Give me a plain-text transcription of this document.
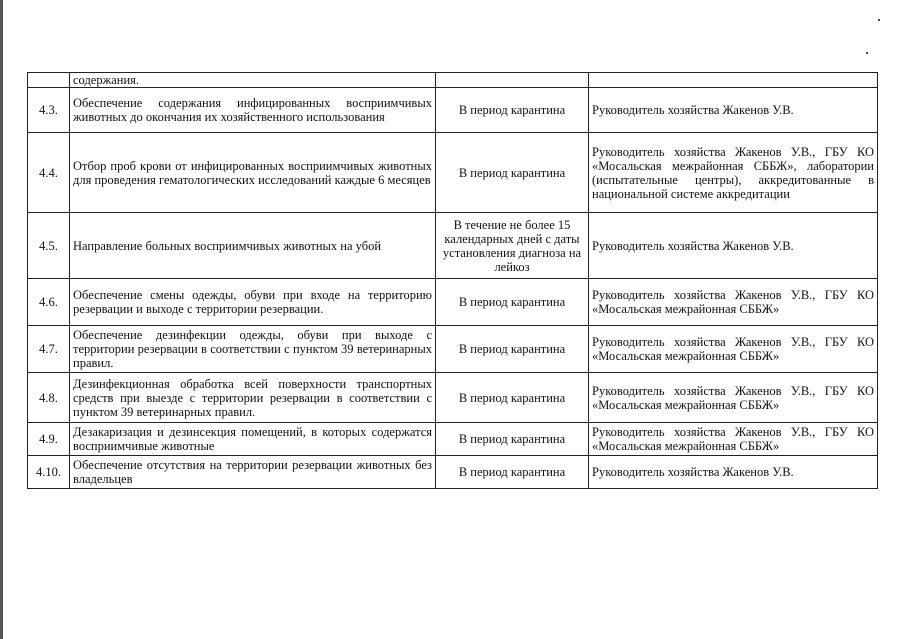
	содержания.		
4.3.	Обеспечение содержания инфицированных восприимчивых животных до окончания их хозяйственного использования	В период карантина	Руководитель хозяйства Жакенов У.В.
4.4.	Отбор проб крови от инфицированных восприимчивых животных для проведения гематологических исследований каждые 6 месяцев	В период карантина	Руководитель хозяйства Жакенов У.В., ГБУ КО «Мосальская межрайонная СББЖ», лаборатории (испытательные центры), аккредитованные в национальной системе аккредитации
4.5.	Направление больных восприимчивых животных на убой	В течение не более 15 календарных дней с даты установления диагноза на лейкоз	Руководитель хозяйства Жакенов У.В.
4.6.	Обеспечение смены одежды, обуви при входе на территорию резервации и выходе с территории резервации.	В период карантина	Руководитель хозяйства Жакенов У.В., ГБУ КО «Мосальская межрайонная СББЖ»
4.7.	Обеспечение дезинфекции одежды, обуви при выходе с территории резервации в соответствии с пунктом 39 ветеринарных правил.	В период карантина	Руководитель хозяйства Жакенов У.В., ГБУ КО «Мосальская межрайонная СББЖ»
4.8.	Дезинфекционная обработка всей поверхности транспортных средств при выезде с территории резервации в соответствии с пунктом 39 ветеринарных правил.	В период карантина	Руководитель хозяйства Жакенов У.В., ГБУ КО «Мосальская межрайонная СББЖ»
4.9.	Дезакаризация и дезинсекция помещений, в которых содержатся восприимчивые животные	В период карантина	Руководитель хозяйства Жакенов У.В., ГБУ КО «Мосальская межрайонная СББЖ»
4.10.	Обеспечение отсутствия на территории резервации животных без владельцев	В период карантина	Руководитель хозяйства Жакенов У.В.
